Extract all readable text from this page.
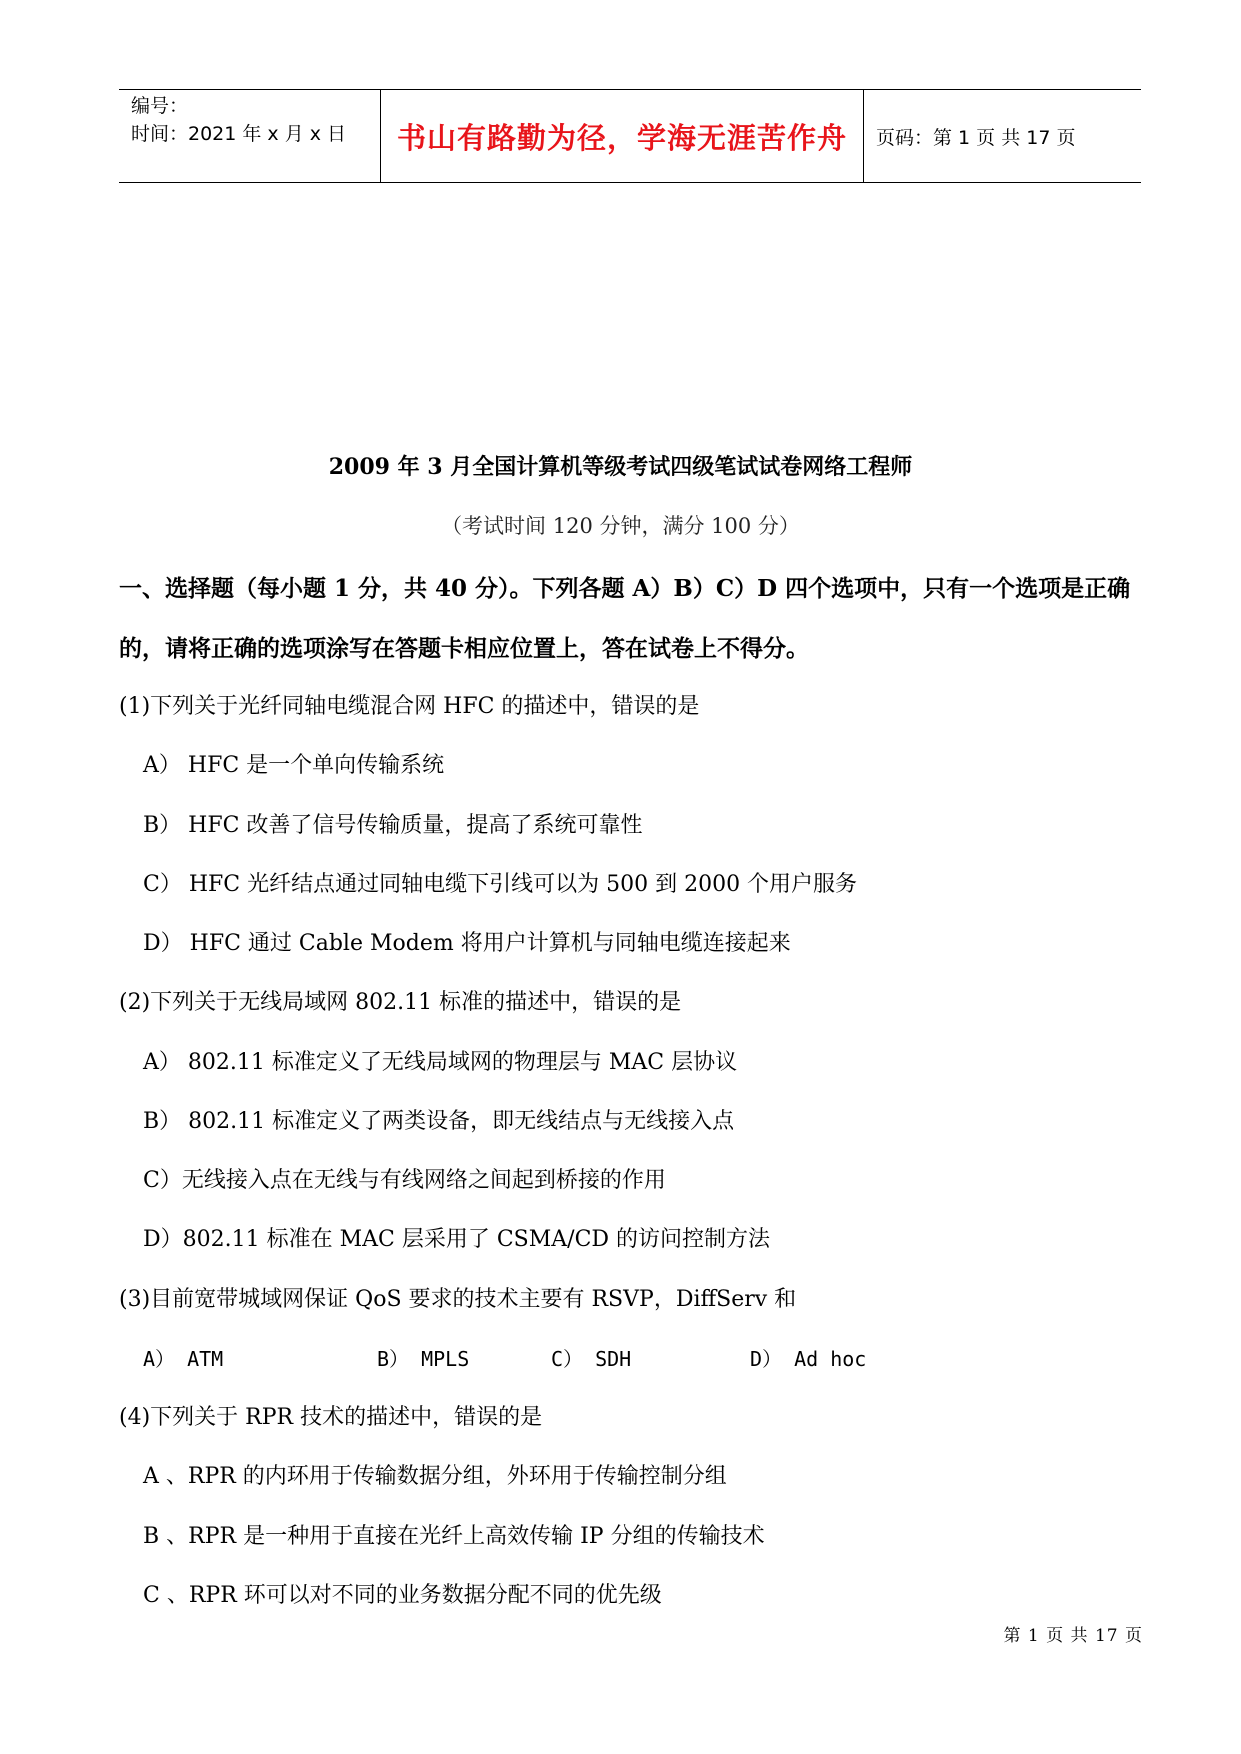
编号：
时间：2021 年 x 月 x 日	书山有路勤为径，学海无涯苦作舟	页码：第 1 页 共 17 页
2009 年 3 月全国计算机等级考试四级笔试试卷网络工程师
（考试时间 120 分钟，满分 100 分）
一、选择题（每小题 1 分，共 40 分）。下列各题 A）B）C）D 四个选项中，只有一个选项是正确
的，请将正确的选项涂写在答题卡相应位置上，答在试卷上不得分。
(1)下列关于光纤同轴电缆混合网 HFC 的描述中，错误的是
A） HFC 是一个单向传输系统
B） HFC 改善了信号传输质量，提高了系统可靠性
C） HFC 光纤结点通过同轴电缆下引线可以为 500 到 2000 个用户服务
D） HFC 通过 Cable Modem 将用户计算机与同轴电缆连接起来
(2)下列关于无线局域网 802.11 标准的描述中，错误的是
A） 802.11 标准定义了无线局域网的物理层与 MAC 层协议
B） 802.11 标准定义了两类设备，即无线结点与无线接入点
C）无线接入点在无线与有线网络之间起到桥接的作用
D）802.11 标准在 MAC 层采用了 CSMA/CD 的访问控制方法
(3)目前宽带城域网保证 QoS 要求的技术主要有 RSVP，DiffServ 和
A） ATM	B） MPLS	C） SDH	D） Ad hoc
(4)下列关于 RPR 技术的描述中，错误的是
A 、RPR 的内环用于传输数据分组，外环用于传输控制分组
B 、RPR 是一种用于直接在光纤上高效传输 IP 分组的传输技术
C 、RPR 环可以对不同的业务数据分配不同的优先级
第 1 页 共 17 页
